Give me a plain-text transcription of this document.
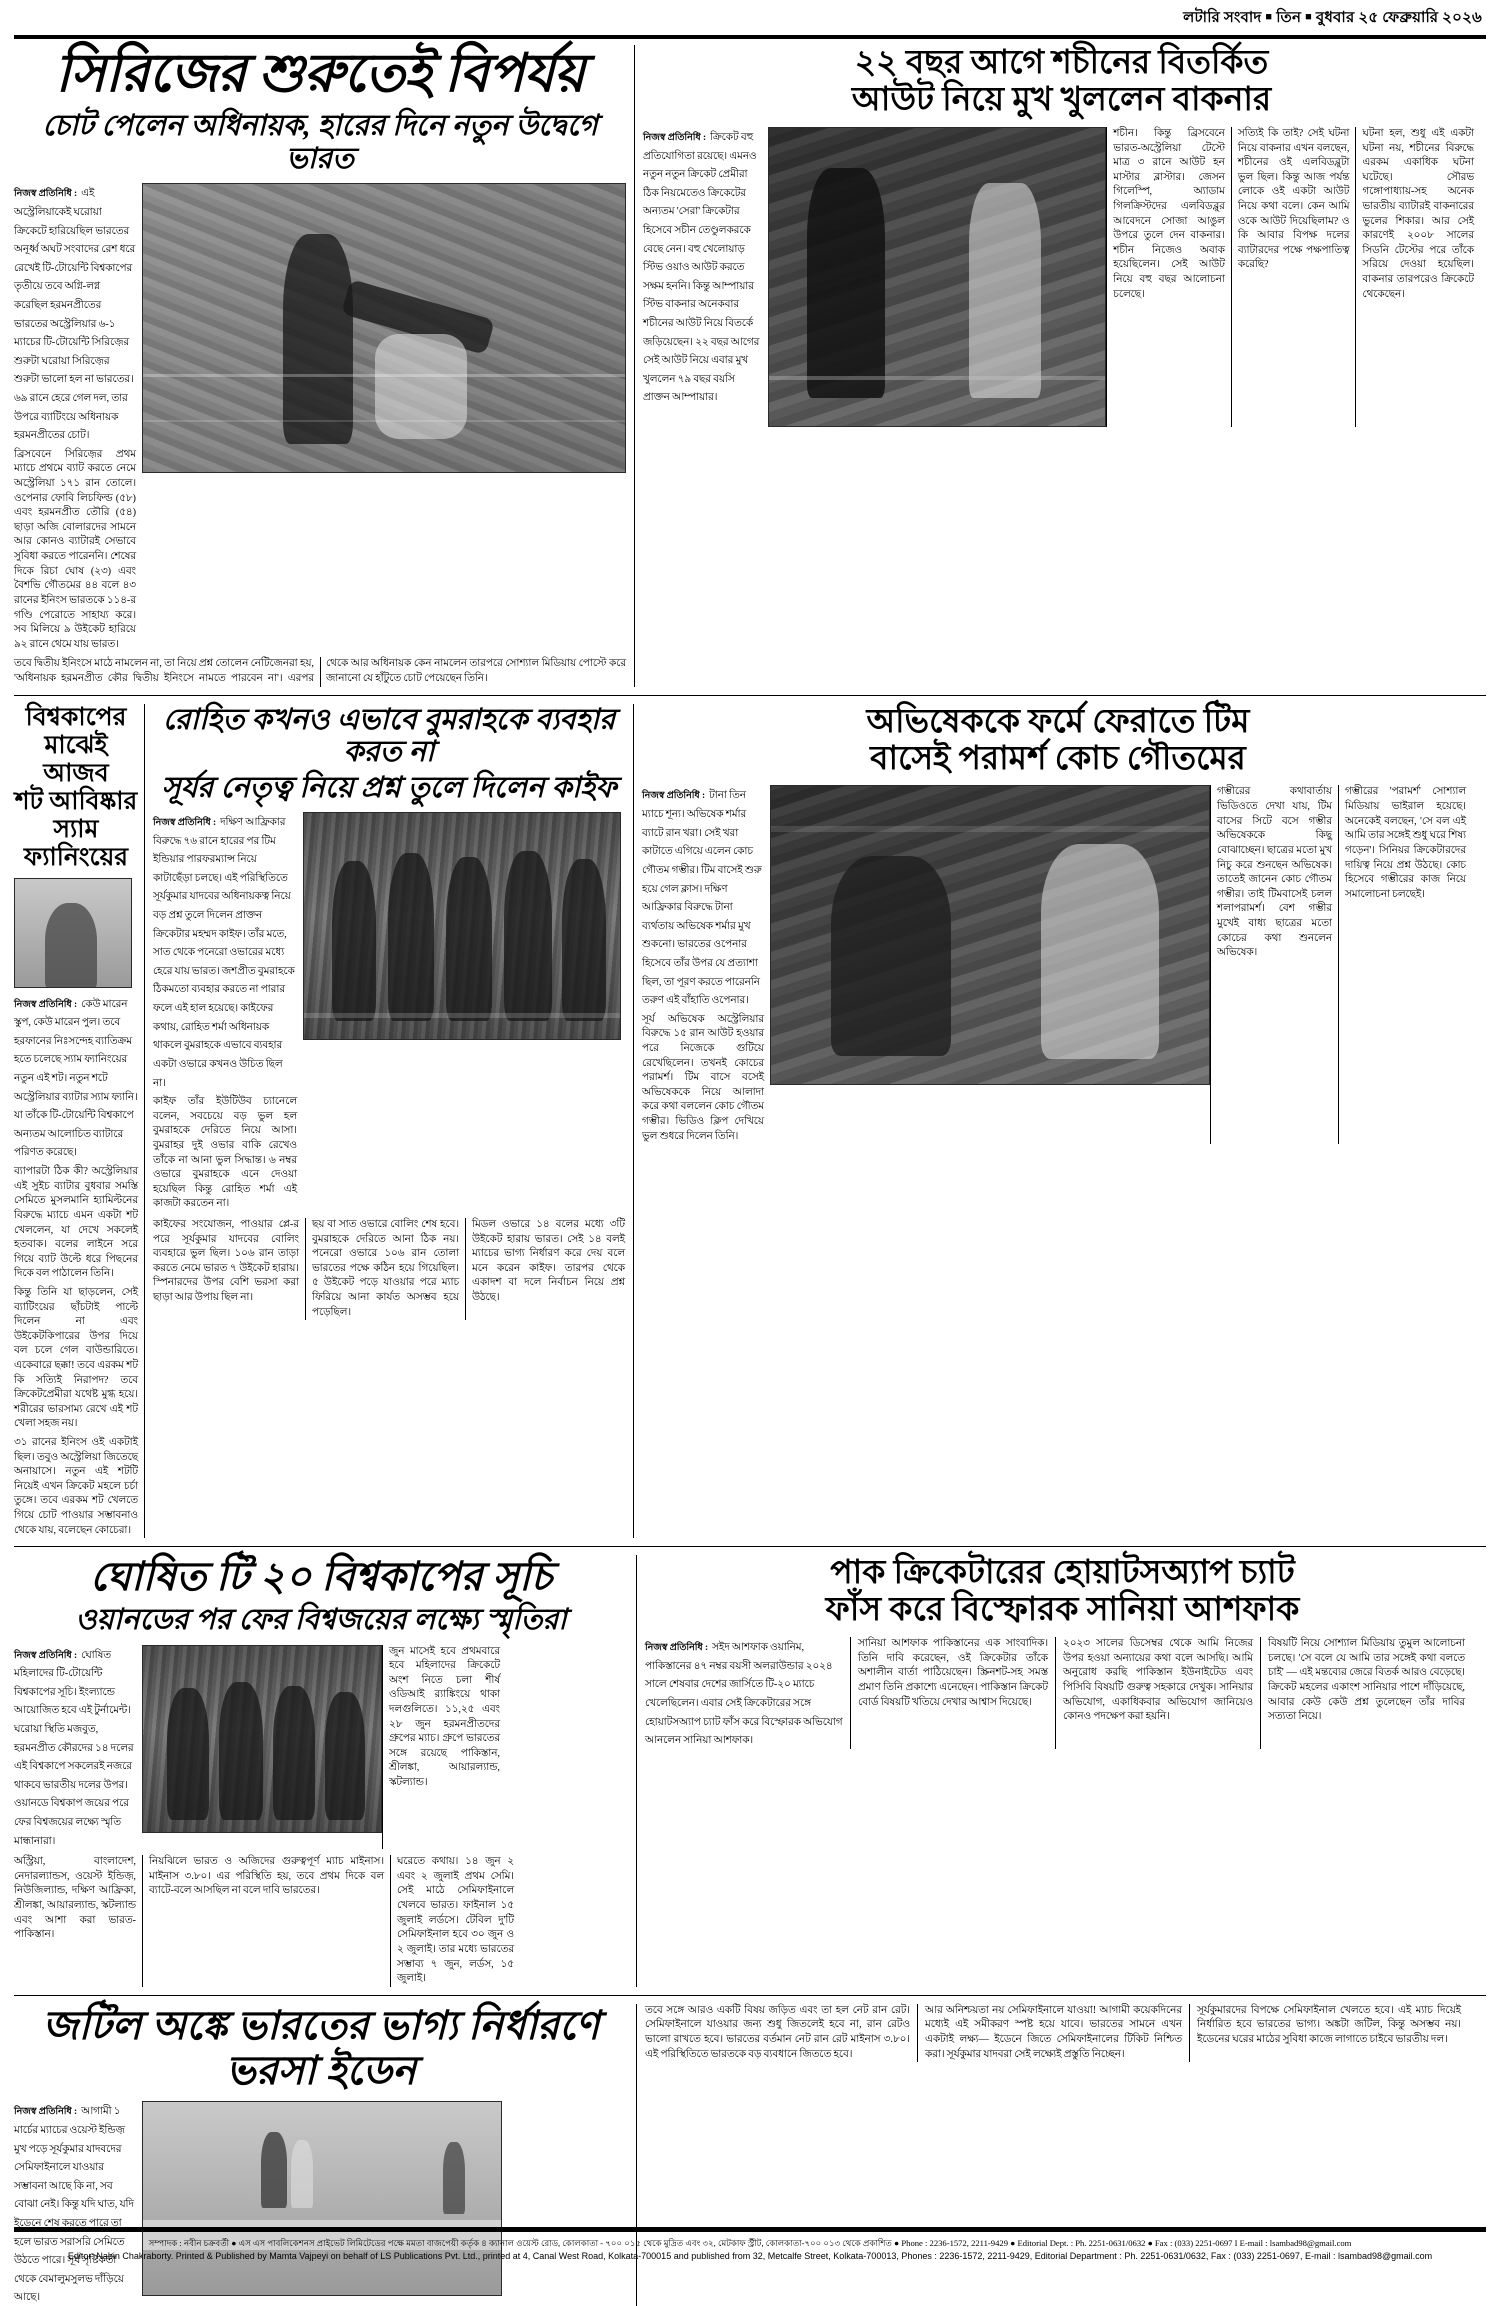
লটারি সংবাদ ■ তিন ■ বুধবার ২৫ ফেব্রুয়ারি ২০২৬
সিরিজের শুরুতেই বিপর্যয়
চোট পেলেন অধিনায়ক, হারের দিনে নতুন উদ্বেগে ভারত
নিজস্ব প্রতিনিধি : এই অস্ট্রেলিয়াকেই ঘরোয়া ক্রিকেটে হারিয়েছিল ভারতের অনূর্ধ্ব অঘট সংবাদের রেশ ধরে রেখেই টি-টোয়েন্টি বিশ্বকাপের তৃতীয়ে তবে অগ্নি-লগ্ন করেছিল হরমনপ্রীতের ভারতের অস্ট্রেলিয়ার ৬-১ ম্যাচের টি-টোয়েন্টি সিরিজ়ের শুরুটা ঘরোয়া সিরিজ়ের শুরুটা ভালো হল না ভারতের। ৬৯ রানে হেরে গেল দল, তার উপরে ব্যাটিংয়ে অধিনায়ক হরমনপ্রীতের চোট।
ব্রিসবেনে সিরিজ়ের প্রথম ম্যাচে প্রথমে ব্যাট করতে নেমে অস্ট্রেলিয়া ১৭১ রান তোলে। ওপেনার ফোবি লিচফিল্ড (৫৮) এবং হরমনপ্রীত তৌরি (৫৪) ছাড়া অজি বোলারদের সামনে আর কোনও ব্যাটারই সেভাবে সুবিধা করতে পারেননি। শেষের দিকে রিচা ঘোষ (২৩) এবং বৈশভি গৌতমের ৪৪ বলে ৪৩ রানের ইনিংস ভারতকে ১১৪-র গণ্ডি পেরোতে সাহায্য করে। সব মিলিয়ে ৯ উইকেট হারিয়ে ৯২ রানে থেমে যায় ভারত।
তবে দ্বিতীয় ইনিংসে মাঠে নামলেন না, তা নিয়ে প্রশ্ন তোলেন নেটিজেনরা হয়, 'অধিনায়ক হরমনপ্রীত কৌর দ্বিতীয় ইনিংসে নামতে পারবেন না'। এরপর থেকে আর অধিনায়ক কেন নামলেন তারপরে সোশ্যাল মিডিয়ায় পোস্টে করে জানানো যে হাঁটুতে চোট পেয়েছেন তিনি।
২২ বছর আগে শচীনের বিতর্কিত
আউট নিয়ে মুখ খুললেন বাকনার
নিজস্ব প্রতিনিধি : ক্রিকেট বহু প্রতিযোগিতা রয়েছে। এমনও নতুন নতুন ক্রিকেট প্রেমীরা ঠিক নিয়মেতেও ক্রিকেটের অন্যতম 'সেরা' ক্রিকেটার হিসেবে সচীন তেণ্ডুলকরকে বেছে নেন। বহু খেলোয়াড় স্টিভ ওয়াও আউট করতে সক্ষম হননি। কিন্তু আম্পায়ার স্টিভ বাকনার অনেকবার শচীনের আউট নিয়ে বিতর্কে জড়িয়েছেন। ২২ বছর আগের সেই আউট নিয়ে এবার মুখ খুললেন ৭৯ বছর বয়সি প্রাক্তন আম্পায়ার।
শচীন। কিন্তু ব্রিসবেনে ভারত-অস্ট্রেলিয়া টেস্টে মাত্র ৩ রানে আউট হন মাস্টার ব্লাস্টার। জেসন গিলেস্পি, অ্যাডাম গিলক্রিস্টদের এলবিডব্লুর আবেদনে সোজা আঙুল উপরে তুলে দেন বাকনার। শচীন নিজেও অবাক হয়েছিলেন। সেই আউট নিয়ে বহু বছর আলোচনা চলেছে।
সত্যিই কি তাই? সেই ঘটনা নিয়ে বাকনার এখন বলছেন, শচীনের ওই এলবিডব্লুটা ভুল ছিল। কিন্তু আজ পর্যন্ত লোকে ওই একটা আউট নিয়ে কথা বলে। কেন আমি ওকে আউট দিয়েছিলাম? ও কি আবার বিপক্ষ দলের ব্যাটারদের পক্ষে পক্ষপাতিত্ব করেছি?
ঘটনা হল, শুধু এই একটা ঘটনা নয়, শচীনের বিরুদ্ধে এরকম একাধিক ঘটনা ঘটেছে। সৌরভ গঙ্গোপাধ্যায়-সহ অনেক ভারতীয় ব্যাটারই বাকনারের ভুলের শিকার। আর সেই কারণেই ২০০৮ সালের সিডনি টেস্টের পরে তাঁকে সরিয়ে দেওয়া হয়েছিল। বাকনার তারপরেও ক্রিকেটে থেকেছেন।
বিশ্বকাপের
মাঝেই আজব
শট আবিষ্কার
স্যাম ফ্যানিংয়ের
নিজস্ব প্রতিনিধি : কেউ মারেন স্কুপ, কেউ মারেন পুল। তবে হরফানের নিঃসন্দেহ ব্যাতিক্রম হতে চলেছে স্যাম ফ্যানিংয়ের নতুন এই শট। নতুন শটে অস্ট্রেলিয়ার ব্যাটার স্যাম ফ্যানি। যা তাঁকে টি-টোয়েন্টি বিশ্বকাপে অন্যতম আলোচিত ব্যাটারে পরিণত করেছে।
ব্যাপারটা ঠিক কী? অস্ট্রেলিয়ার এই সুইচ ব্যাটার বুধবার সমস্তি সেমিতে মুসলমানি হ্যামিল্টনের বিরুদ্ধে ম্যাচে এমন একটা শট খেললেন, যা দেখে সকলেই হতবাক। বলের লাইনে সরে গিয়ে ব্যাট উল্টে ধরে পিছনের দিকে বল পাঠালেন তিনি।
কিন্তু তিনি যা ছাড়লেন, সেই ব্যাটিংয়ের ছাঁচটাই পাল্টে দিলেন না এবং উইকেটকিপারের উপর দিয়ে বল চলে গেল বাউন্ডারিতে। একেবারে ছক্কা! তবে এরকম শট কি সত্যিই নিরাপদ? তবে ক্রিকেটপ্রেমীরা যথেষ্ট মুগ্ধ হয়ে। শরীরের ভারসাম্য রেখে এই শট খেলা সহজ নয়।
৩১ রানের ইনিংস ওই একটাই ছিল। তবুও অস্ট্রেলিয়া জিতেছে অনায়াসে। নতুন এই শটটি নিয়েই এখন ক্রিকেট মহলে চর্চা তুঙ্গে। তবে এরকম শট খেলতে গিয়ে চোট পাওয়ার সম্ভাবনাও থেকে যায়, বলেছেন কোচেরা।
রোহিত কখনও এভাবে বুমরাহকে ব্যবহার করত না
সূর্যর নেতৃত্ব নিয়ে প্রশ্ন তুলে দিলেন কাইফ
নিজস্ব প্রতিনিধি : দক্ষিণ আফ্রিকার বিরুদ্ধে ৭৬ রানে হারের পর টিম ইন্ডিয়ার পারফরম্যান্স নিয়ে কাটাছেঁড়া চলছে। এই পরিস্থিতিতে সূর্যকুমার যাদবের অধিনায়কত্ব নিয়ে বড় প্রশ্ন তুলে দিলেন প্রাক্তন ক্রিকেটার মহম্মদ কাইফ। তাঁর মতে, সাত থেকে পনেরো ওভারের মধ্যে হেরে যায় ভারত। জশপ্রীত বুমরাহকে ঠিকমতো ব্যবহার করতে না পারার ফলে এই হাল হয়েছে। কাইফের কথায়, রোহিত শর্মা অধিনায়ক থাকলে বুমরাহকে এভাবে ব্যবহার একটা ওভারে কখনও উচিত ছিল না।
কাইফ তাঁর ইউটিউব চ্যানেলে বলেন, সবচেয়ে বড় ভুল হল বুমরাহকে দেরিতে নিয়ে আসা। বুমরাহর দুই ওভার বাকি রেখেও তাঁকে না আনা ভুল সিদ্ধান্ত। ৬ নম্বর ওভারে বুমরাহকে এনে দেওয়া হয়েছিল কিন্তু রোহিত শর্মা এই কাজটা করতেন না।
কাইফের সংযোজন, পাওয়ার প্লে-র পরে সূর্যকুমার যাদবের বোলিং ব্যবহারে ভুল ছিল। ১০৬ রান তাড়া করতে নেমে ভারত ৭ উইকেট হারায়। স্পিনারদের উপর বেশি ভরসা করা ছাড়া আর উপায় ছিল না।
ছয় বা সাত ওভারে বোলিং শেষ হবে। বুমরাহকে দেরিতে আনা ঠিক নয়। পনেরো ওভারে ১০৬ রান তোলা ভারতের পক্ষে কঠিন হয়ে গিয়েছিল। ৫ উইকেট পড়ে যাওয়ার পরে ম্যাচ ফিরিয়ে আনা কার্যত অসম্ভব হয়ে পড়েছিল।
মিডল ওভারে ১৪ বলের মধ্যে ৩টি উইকেট হারায় ভারত। সেই ১৪ বলই ম্যাচের ভাগ্য নির্ধারণ করে দেয় বলে মনে করেন কাইফ। তারপর থেকে একাদশ বা দলে নির্বাচন নিয়ে প্রশ্ন উঠছে।
অভিষেককে ফর্মে ফেরাতে টিম
বাসেই পরামর্শ কোচ গৌতমের
নিজস্ব প্রতিনিধি : টানা তিন ম্যাচে শূন্য। অভিষেক শর্মার ব্যাটে রান খরা। সেই খরা কাটাতে এগিয়ে এলেন কোচ গৌতম গম্ভীর। টিম বাসেই শুরু হয়ে গেল ক্লাস। দক্ষিণ আফ্রিকার বিরুদ্ধে টানা ব্যর্থতায় অভিষেক শর্মার মুখ শুকনো। ভারতের ওপেনার হিসেবে তাঁর উপর যে প্রত্যাশা ছিল, তা পূরণ করতে পারেননি তরুণ এই বাঁহাতি ওপেনার।
সূর্য অভিষেক অস্ট্রেলিয়ার বিরুদ্ধে ১৫ রান আউট হওয়ার পরে নিজেকে গুটিয়ে রেখেছিলেন। তখনই কোচের পরামর্শ। টিম বাসে বসেই অভিষেককে নিয়ে আলাদা করে কথা বললেন কোচ গৌতম গম্ভীর। ভিডিও ক্লিপ দেখিয়ে ভুল শুধরে দিলেন তিনি।
গম্ভীরের কথাবার্তায় ভিডিওতে দেখা যায়, টিম বাসের সিটে বসে গম্ভীর অভিষেককে কিছু বোঝাচ্ছেন। ছাত্রের মতো মুখ নিচু করে শুনছেন অভিষেক। তাতেই জানেন কোচ গৌতম গম্ভীর। তাই টিমবাসেই চলল শলাপরামর্শ। বেশ গম্ভীর মুখেই বাধ্য ছাত্রের মতো কোচের কথা শুনলেন অভিষেক।
গম্ভীরের 'পরামর্শ' সোশ্যাল মিডিয়ায় ভাইরাল হয়েছে। অনেকেই বলছেন, 'সে বল এই আমি তার সঙ্গেই শুধু ঘরে শিষ্য গড়েন'। সিনিয়র ক্রিকেটারদের দায়িত্ব নিয়ে প্রশ্ন উঠছে। কোচ হিসেবে গম্ভীরের কাজ নিয়ে সমালোচনা চলছেই।
ঘোষিত টি ২০ বিশ্বকাপের সূচি
ওয়ানডের পর ফের বিশ্বজয়ের লক্ষ্যে স্মৃতিরা
নিজস্ব প্রতিনিধি : ঘোষিত মহিলাদের টি-টোয়েন্টি বিশ্বকাপের সূচি। ইংল্যান্ডে আয়োজিত হবে এই টুর্নামেন্ট। ঘরোয়া স্থিতি মজবুত, হরমনপ্রীত কৌরদের ১৪ দলের এই বিশ্বকাপে সকলেরই নজরে থাকবে ভারতীয় দলের উপর। ওয়ানডে বিশ্বকাপ জয়ের পরে ফের বিশ্বজয়ের লক্ষ্যে স্মৃতি মান্ধানারা।
জুন মাসেই হবে প্রথমবারে হবে মহিলাদের ক্রিকেটে অংশ নিতে চলা শীর্ষ ওডিআই র‍্যাঙ্কিংয়ে থাকা দলগুলিতে। ১১,২৫ এবং ২৮ জুন হরমনপ্রীতদের গ্রুপের ম্যাচ। গ্রুপে ভারতের সঙ্গে রয়েছে পাকিস্তান, শ্রীলঙ্কা, আয়ারল্যান্ড, স্কটল্যান্ড।
অস্ট্রিয়া, বাংলাদেশ, নেদারল্যান্ডস, ওয়েস্ট ইন্ডিজ়, নিউজিল্যান্ড, দক্ষিণ আফ্রিকা, শ্রীলঙ্কা, আয়ারল্যান্ড, স্কটল্যান্ড এবং আশা করা ভারত-পাকিস্তান।
নিয়ঝিলে ভারত ও অজিদের গুরুত্বপূর্ণ ম্যাচ মাইনাস। মাইনাস ৩.৮০। এর পরিস্থিতি হয়, তবে প্রথম দিকে বল ব্যাটে-বলে আসছিল না বলে দাবি ভারতের।
ঘরেতে কথায়। ১৪ জুন ২ এবং ২ জুলাই প্রথম সেমি। সেই মাঠে সেমিফাইনালে খেলবে ভারত। ফাইনাল ১৫ জুলাই লর্ডসে। টেবিল দু'টি সেমিফাইনাল হবে ৩০ জুন ও ২ জুলাই। তার মধ্যে ভারতের সম্ভাব্য ৭ জুন, লর্ডস, ১৫ জুলাই।
পাক ক্রিকেটারের হোয়াটসঅ্যাপ চ্যাট
ফাঁস করে বিস্ফোরক সানিয়া আশফাক
নিজস্ব প্রতিনিধি : সইদ আশফাক ওয়ানিম, পাকিস্তানের ৪৭ নম্বর বয়সী অলরাউন্ডার ২০২৪ সালে শেষবার দেশের জার্সিতে টি-২০ ম্যাচে খেলেছিলেন। এবার সেই ক্রিকেটারের সঙ্গে হোয়াটসঅ্যাপ চ্যাট ফাঁস করে বিস্ফোরক অভিযোগ আনলেন সানিয়া আশফাক।
সানিয়া আশফাক পাকিস্তানের এক সাংবাদিক। তিনি দাবি করেছেন, ওই ক্রিকেটার তাঁকে অশালীন বার্তা পাঠিয়েছেন। স্ক্রিনশট-সহ সমস্ত প্রমাণ তিনি প্রকাশ্যে এনেছেন। পাকিস্তান ক্রিকেট বোর্ড বিষয়টি খতিয়ে দেখার আশ্বাস দিয়েছে।
২০২৩ সালের ডিসেম্বর থেকে আমি নিজের উপর হওয়া অন্যায়ের কথা বলে আসছি। আমি অনুরোধ করছি পাকিস্তান ইউনাইটেড এবং পিসিবি বিষয়টি গুরুত্ব সহকারে দেখুক। সানিয়ার অভিযোগ, একাধিকবার অভিযোগ জানিয়েও কোনও পদক্ষেপ করা হয়নি।
বিষয়টি নিয়ে সোশ্যাল মিডিয়ায় তুমুল আলোচনা চলছে। 'সে বলে যে আমি তার সঙ্গেই কথা বলতে চাই' — এই মন্তব্যের জেরে বিতর্ক আরও বেড়েছে। ক্রিকেট মহলের একাংশ সানিয়ার পাশে দাঁড়িয়েছে, আবার কেউ কেউ প্রশ্ন তুলেছেন তাঁর দাবির সত্যতা নিয়ে।
জটিল অঙ্কে ভারতের ভাগ্য নির্ধারণে ভরসা ইডেন
নিজস্ব প্রতিনিধি : আগামী ১ মার্চের ম্যাচের ওয়েস্ট ইন্ডিজ় মুখ পড়ে সূর্যকুমার যাদবদের সেমিফাইনালে যাওয়ার সম্ভাবনা আছে কি না, সব বোঝা নেই। কিন্তু যদি ঘাত, যদি ইডেনে শেষ করতে পারে তা হলে ভারত সরাসরি সেমিতে উঠতে পারে। সূর্য সৃষ্টিকর্তা থেকে বেমালুমসুলভ দাঁড়িয়ে আছে।
তবে সঙ্গে আরও একটি বিষয় জড়িত এবং তা হল নেট রান রেট। সেমিফাইনালে যাওয়ার জন্য শুধু জিতলেই হবে না, রান রেটও ভালো রাখতে হবে। ভারতের বর্তমান নেট রান রেট মাইনাস ৩.৮০। এই পরিস্থিতিতে ভারতকে বড় ব্যবধানে জিততে হবে।
আর অনিশ্চয়তা নয় সেমিফাইনালে যাওয়া! আগামী কয়েকদিনের মধ্যেই এই সমীকরণ স্পষ্ট হয়ে যাবে। ভারতের সামনে এখন একটাই লক্ষ্য— ইডেনে জিতে সেমিফাইনালের টিকিট নিশ্চিত করা। সূর্যকুমার যাদবরা সেই লক্ষ্যেই প্রস্তুতি নিচ্ছেন।
সূর্যকুমারদের বিপক্ষে সেমিফাইনাল খেলতে হবে। এই ম্যাচ দিয়েই নির্ধারিত হবে ভারতের ভাগ্য। অঙ্কটা জটিল, কিন্তু অসম্ভব নয়। ইডেনের ঘরের মাঠের সুবিধা কাজে লাগাতে চাইবে ভারতীয় দল।
সম্পাদক : নবীন চক্রবর্তী ● এস এস পাবলিকেশনস প্রাইভেট লিমিটেডের পক্ষে মমতা বাজপেয়ী কর্তৃক ৪ ক্যানাল ওয়েস্ট রোড, কোলকাতা - ৭০০ ০১৫ থেকে মুদ্রিত এবং ৩২, মেটকাফ স্ট্রীট, কোলকাতা-৭০০ ০১৩ থেকে প্রকাশিত ● Phone : 2236-1572, 2211-9429 ● Editorial Dept. : Ph. 2251-0631/0632 ● Fax : (033) 2251-0697 I E-mail : lsambad98@gmail.com
Editor: Nabin Chakraborty. Printed & Published by Mamta Vajpeyi on behalf of LS Publications Pvt. Ltd., printed at 4, Canal West Road, Kolkata-700015 and published from 32, Metcalfe Street, Kolkata-700013, Phones : 2236-1572, 2211-9429, Editorial Department : Ph. 2251-0631/0632, Fax : (033) 2251-0697, E-mail : lsambad98@gmail.com
